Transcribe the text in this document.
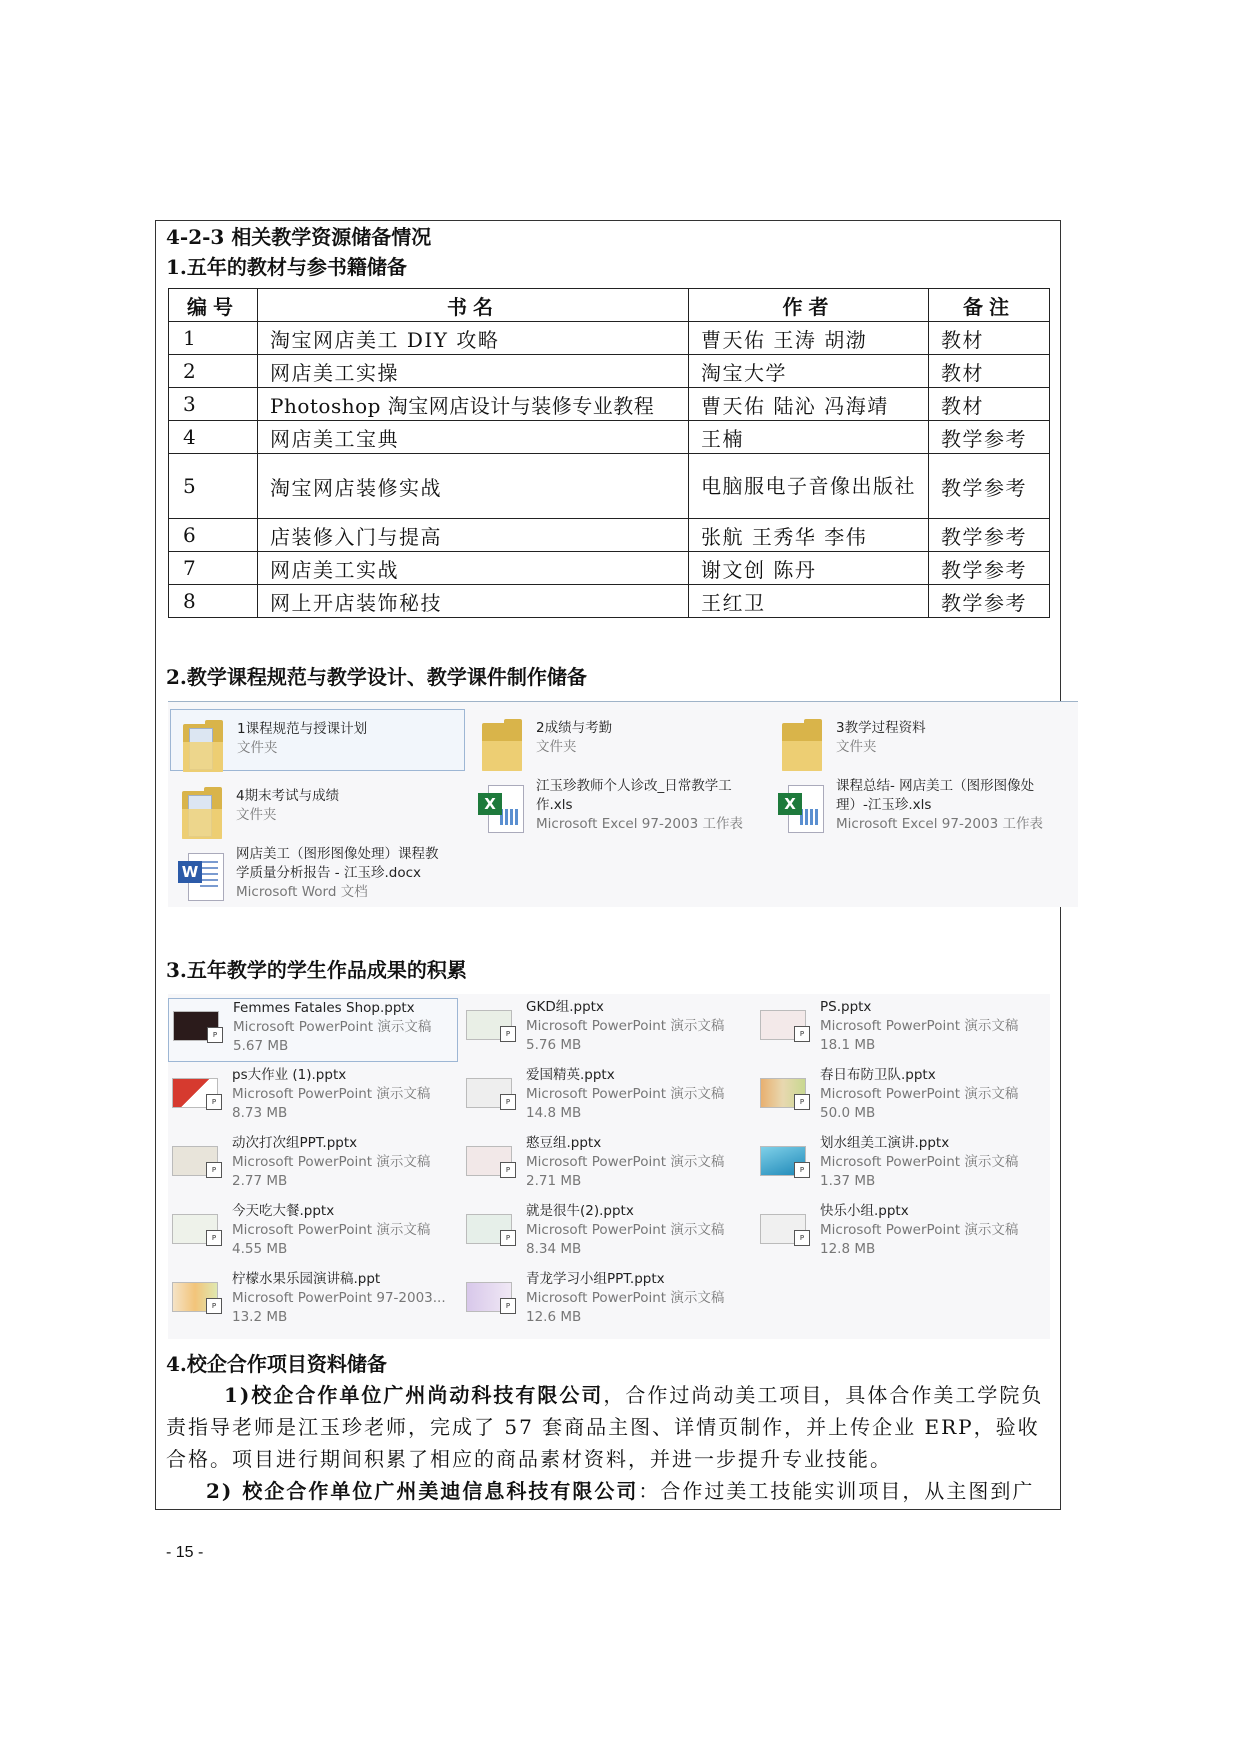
4-2-3 相关教学资源储备情况
1.五年的教材与参书籍储备
编号	书名	作者	备注
1	淘宝网店美工 DIY 攻略	曹天佑 王涛 胡渤	教材
2	网店美工实操	淘宝大学	教材
3	Photoshop 淘宝网店设计与装修专业教程	曹天佑 陆沁 冯海靖	教材
4	网店美工宝典	王楠	教学参考
5	淘宝网店装修实战	电脑服电子音像出版社	教学参考
6	店装修入门与提高	张航 王秀华 李伟	教学参考
7	网店美工实战	谢文创 陈丹	教学参考
8	网上开店装饰秘技	王红卫	教学参考
2.教学课程规范与教学设计、教学课件制作储备
1课程规范与授课计划
文件夹
2成绩与考勤
文件夹
3教学过程资料
文件夹
4期末考试与成绩
文件夹
X
江玉珍教师个人诊改_日常教学工作.xls
Microsoft Excel 97-2003 工作表
X
课程总结- 网店美工（图形图像处理）-江玉珍.xls
Microsoft Excel 97-2003 工作表
W
网店美工（图形图像处理）课程教学质量分析报告 - 江玉珍.docx
Microsoft Word 文档
3.五年教学的学生作品成果的积累
P
Femmes Fatales Shop.pptx
Microsoft PowerPoint 演示文稿
5.67 MB
P
GKD组.pptx
Microsoft PowerPoint 演示文稿
5.76 MB
P
PS.pptx
Microsoft PowerPoint 演示文稿
18.1 MB
P
ps大作业 (1).pptx
Microsoft PowerPoint 演示文稿
8.73 MB
P
爱国精英.pptx
Microsoft PowerPoint 演示文稿
14.8 MB
P
春日布防卫队.pptx
Microsoft PowerPoint 演示文稿
50.0 MB
P
动次打次组PPT.pptx
Microsoft PowerPoint 演示文稿
2.77 MB
P
憨豆组.pptx
Microsoft PowerPoint 演示文稿
2.71 MB
P
划水组美工演讲.pptx
Microsoft PowerPoint 演示文稿
1.37 MB
P
今天吃大餐.pptx
Microsoft PowerPoint 演示文稿
4.55 MB
P
就是很牛(2).pptx
Microsoft PowerPoint 演示文稿
8.34 MB
P
快乐小组.pptx
Microsoft PowerPoint 演示文稿
12.8 MB
P
柠檬水果乐园演讲稿.ppt
Microsoft PowerPoint 97-2003...
13.2 MB
P
青龙学习小组PPT.pptx
Microsoft PowerPoint 演示文稿
12.6 MB
4.校企合作项目资料储备
1)校企合作单位广州尚动科技有限公司，合作过尚动美工项目，具体合作美工学院负责指导老师是江玉珍老师，完成了 57 套商品主图、详情页制作，并上传企业 ERP，验收合格。项目进行期间积累了相应的商品素材资料，并进一步提升专业技能。
2) 校企合作单位广州美迪信息科技有限公司：合作过美工技能实训项目，从主图到广
- 15 -
